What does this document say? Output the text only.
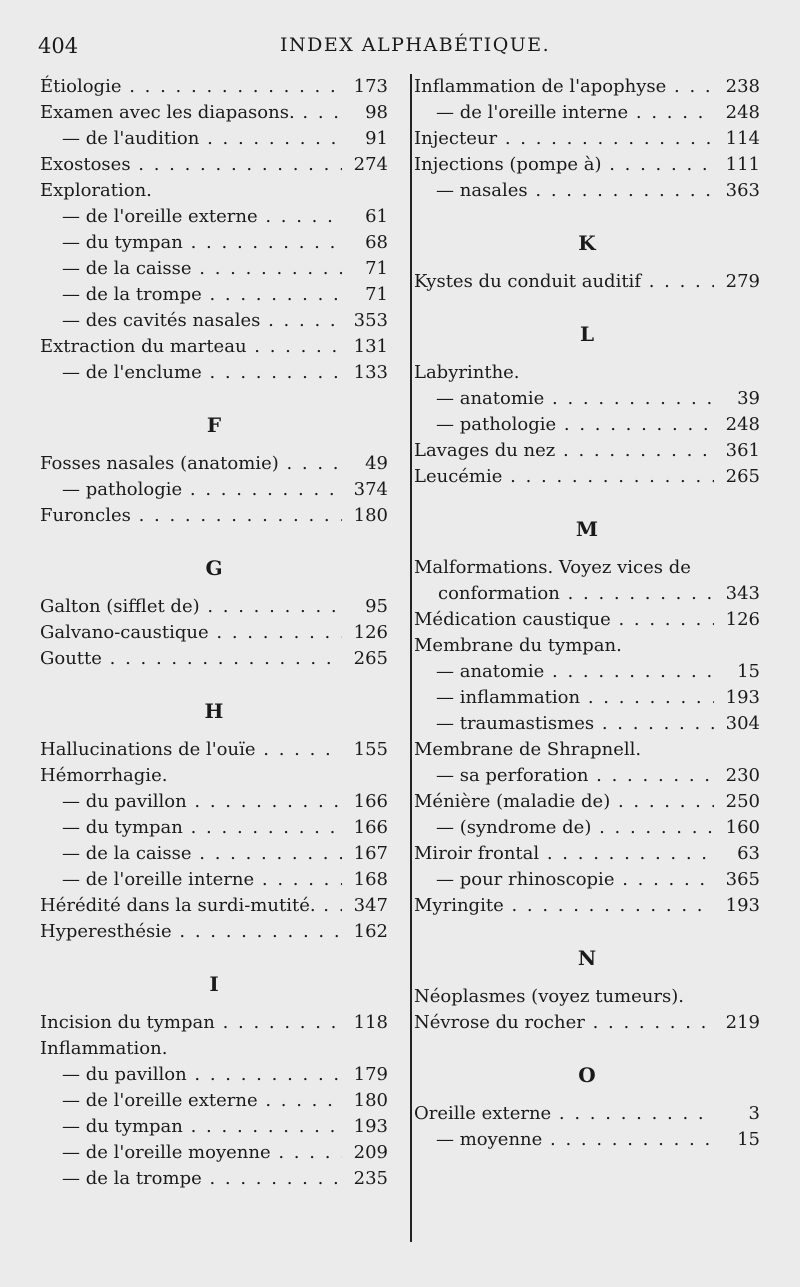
404	INDEX ALPHABÉTIQUE.
Étiologie . . .	173
Examen avec les diapasons. . . .	98
— de l'audition . . .	91
Exostoses . . .	274
Exploration.
— de l'oreille externe . . .	61
— du tympan . . .	68
— de la caisse . . .	71
— de la trompe . . .	71
— des cavités nasales . . .	353
Extraction du marteau . . .	131
— de l'enclume . . .	133
F
Fosses nasales (anatomie) . . .	49
— pathologie . . .	374
Furoncles . . .	180
G
Galton (sifflet de) . . .	95
Galvano-caustique . . .	126
Goutte . . .	265
H
Hallucinations de l'ouïe . . .	155
Hémorrhagie.
— du pavillon . . .	166
— du tympan . . .	166
— de la caisse . . .	167
— de l'oreille interne . . .	168
Hérédité dans la surdi-mutité. . . .	347
Hyperesthésie . . .	162
I
Incision du tympan . . .	118
Inflammation.
— du pavillon . . .	179
— de l'oreille externe . . .	180
— du tympan . . .	193
— de l'oreille moyenne . . .	209
— de la trompe . . .	235
Inflammation de l'apophyse . . .	238
— de l'oreille interne . . .	248
Injecteur . . .	114
Injections (pompe à) . . .	111
— nasales . . .	363
K
Kystes du conduit auditif . . .	279
L
Labyrinthe.
— anatomie . . .	39
— pathologie . . .	248
Lavages du nez . . .	361
Leucémie . . .	265
M
Malformations. Voyez vices de
conformation . . .	343
Médication caustique . . .	126
Membrane du tympan.
— anatomie . . .	15
— inflammation . . .	193
— traumastismes . . .	304
Membrane de Shrapnell.
— sa perforation . . .	230
Ménière (maladie de) . . .	250
— (syndrome de) . . .	160
Miroir frontal . . .	63
— pour rhinoscopie . . .	365
Myringite . . .	193
N
Néoplasmes (voyez tumeurs).
Névrose du rocher . . .	219
O
Oreille externe . . .	3
— moyenne . . .	15
